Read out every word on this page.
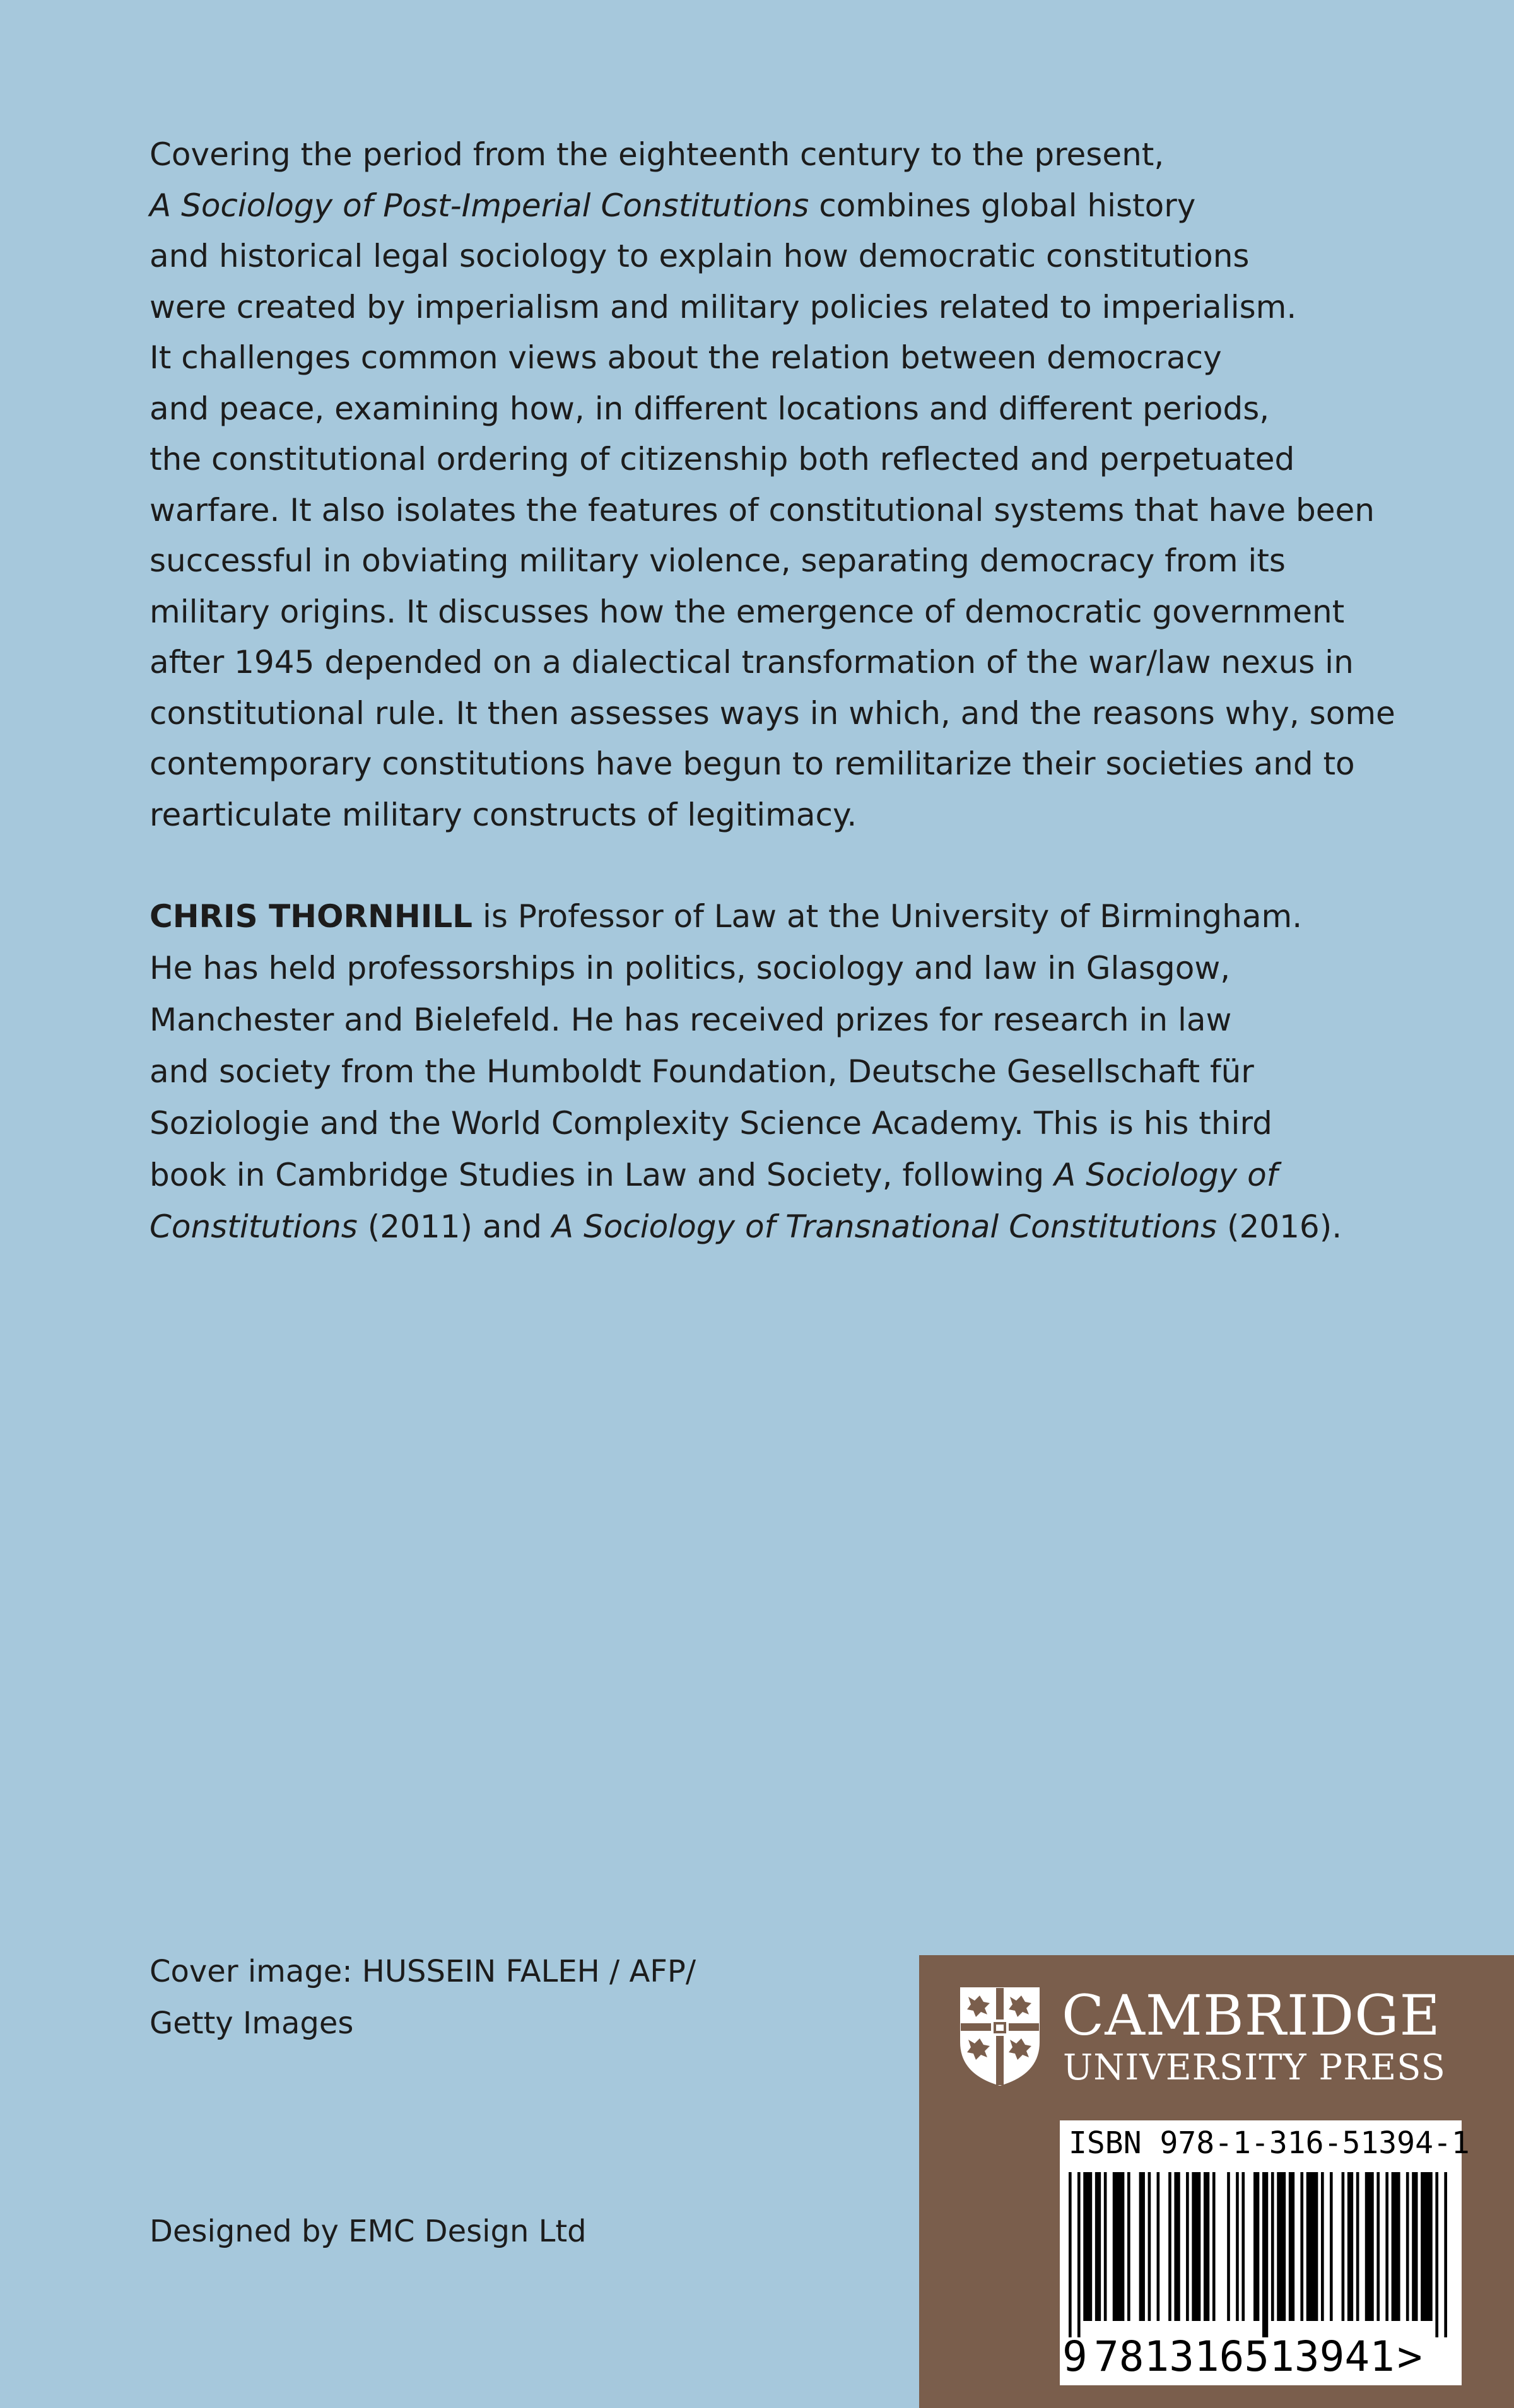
Covering the period from the eighteenth century to the present,

A Sociology of Post-Imperial Constitutions combines global history

and historical legal sociology to explain how democratic constitutions

were created by imperialism and military policies related to imperialism.

It challenges common views about the relation between democracy

and peace, examining how, in different locations and different periods,

the constitutional ordering of citizenship both reflected and perpetuated

warfare. It also isolates the features of constitutional systems that have been

successful in obviating military violence, separating democracy from its

military origins. It discusses how the emergence of democratic government

after 1945 depended on a dialectical transformation of the war/law nexus in

constitutional rule. It then assesses ways in which, and the reasons why, some

contemporary constitutions have begun to remilitarize their societies and to

rearticulate military constructs of legitimacy.

CHRIS THORNHILL is Professor of Law at the University of Birmingham.

He has held professorships in politics, sociology and law in Glasgow,

Manchester and Bielefeld. He has received prizes for research in law

and society from the Humboldt Foundation, Deutsche Gesellschaft für

Soziologie and the World Complexity Science Academy. This is his third

book in Cambridge Studies in Law and Society, following A Sociology of

Constitutions (2011) and A Sociology of Transnational Constitutions (2016).

Cover image: HUSSEIN FALEH / AFP/

Getty Images

Designed by EMC Design Ltd
CAMBRIDGE
UNIVERSITY PRESS
ISBN 978-1-316-51394-1
9 781316513941>
